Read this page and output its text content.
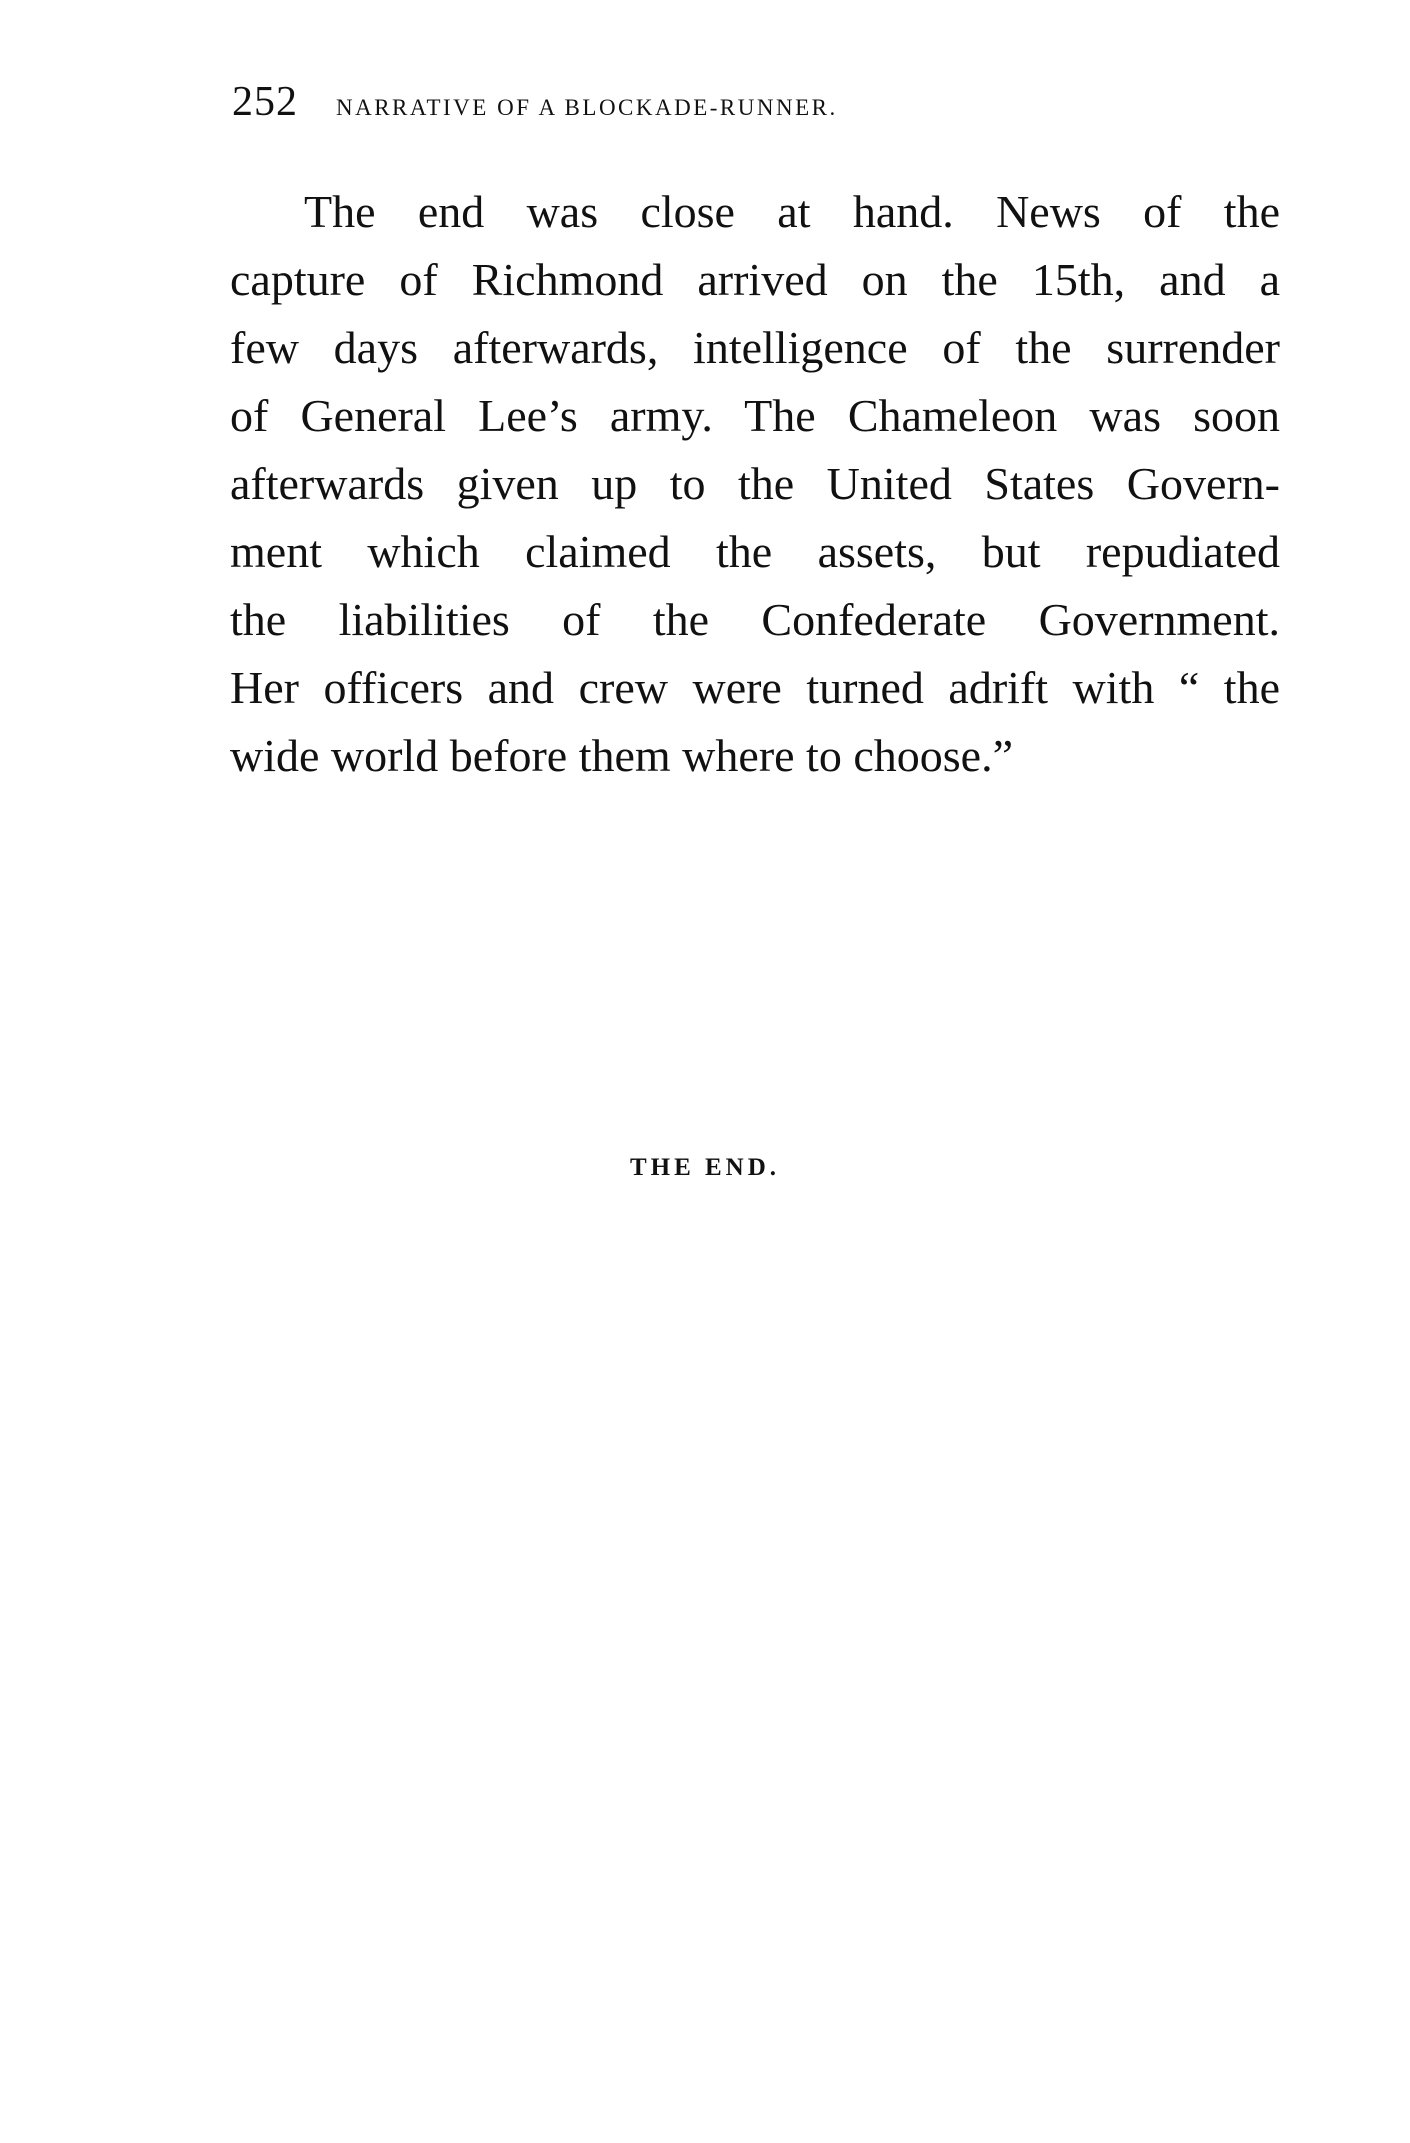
252 NARRATIVE OF A BLOCKADE-RUNNER.

The end was close at hand. News of the
capture of Richmond arrived on the 15th, and a
few days afterwards, intelligence of the surrender
of General Lee’s army. The Chameleon was soon
afterwards given up to the United States Govern-
ment which claimed the assets, but repudiated
the liabilities of the Confederate Government.
Her officers and crew were turned adrift with “ the
wide world before them where to choose.”

THE END.
